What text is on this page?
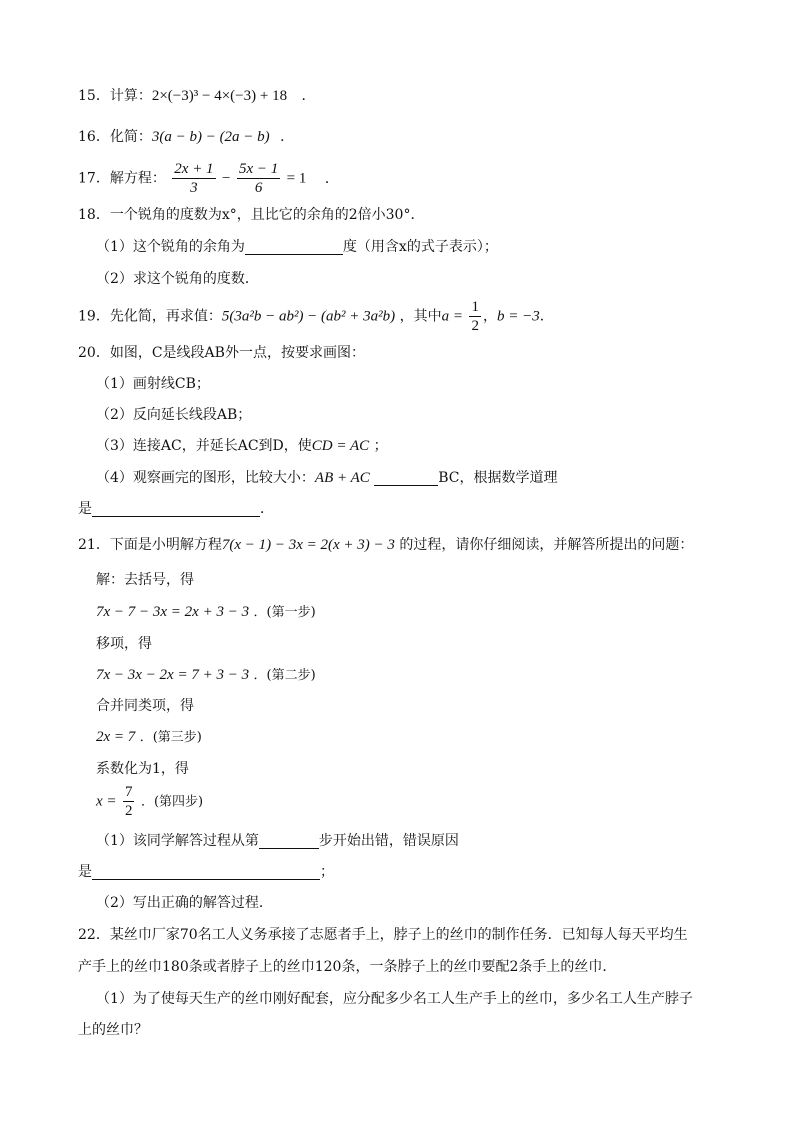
15．计算：2×(−3)³ − 4×(−3) + 18 ．
16．化简：3(a − b) − (2a − b) ．
17．解方程： $\frac{2x + 1}{3} - \frac{5x - 1}{6} = 1$ ．
18．一个锐角的度数为x°，且比它的余角的2倍小30°．
（1）这个锐角的余角为	度（用含x的式子表示）；
（2）求这个锐角的度数．
19．先化简，再求值：5(3a²b − ab²) − (ab² + 3a²b) ，其中$a = \frac{1}{2}$ ，b = −3．
20．如图，C是线段AB外一点，按要求画图：
（1）画射线CB；
（2）反向延长线段AB；
（3）连接AC，并延长AC到D，使CD = AC ；
（4）观察画完的图形，比较大小：AB + AC	BC，根据数学道理
是	．
21．下面是小明解方程7(x − 1) − 3x = 2(x + 3) − 3 的过程，请你仔细阅读，并解答所提出的问题：
解：去括号，得
7x − 7 − 3x = 2x + 3 − 3 ．(第一步)
移项，得
7x − 3x − 2x = 7 + 3 − 3 ．(第二步)
合并同类项，得
2x = 7 ．(第三步)
系数化为1，得
$x = \frac{7}{2}$ ．(第四步)
（1）该同学解答过程从第	步开始出错，错误原因
是	；
（2）写出正确的解答过程．
22．某丝巾厂家70名工人义务承接了志愿者手上，脖子上的丝巾的制作任务．已知每人每天平均生
产手上的丝巾180条或者脖子上的丝巾120条，一条脖子上的丝巾要配2条手上的丝巾．
（1）为了使每天生产的丝巾刚好配套，应分配多少名工人生产手上的丝巾，多少名工人生产脖子
上的丝巾？
